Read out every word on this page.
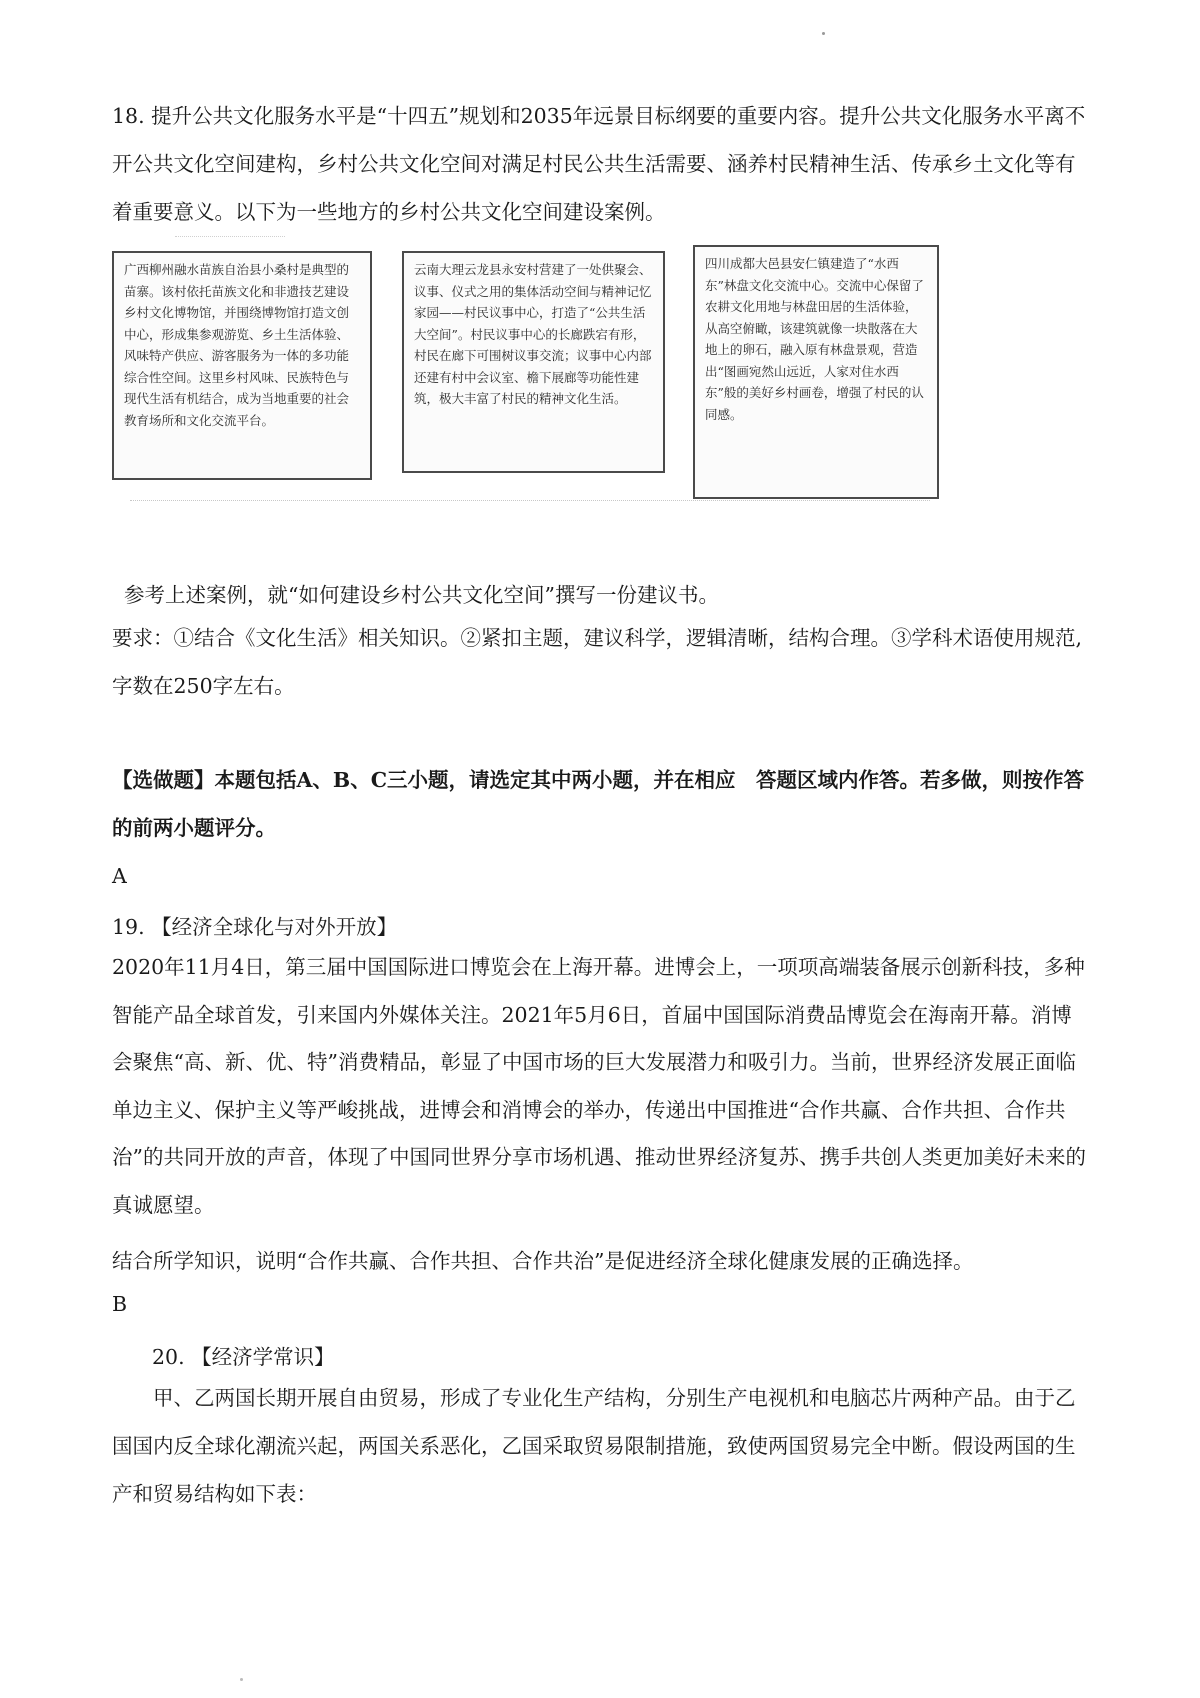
18. 提升公共文化服务水平是“十四五”规划和2035年远景目标纲要的重要内容。提升公共文化服务水平离不开公共文化空间建构，乡村公共文化空间对满足村民公共生活需要、涵养村民精神生活、传承乡土文化等有着重要意义。以下为一些地方的乡村公共文化空间建设案例。
广西柳州融水苗族自治县小桑村是典型的苗寨。该村依托苗族文化和非遗技艺建设乡村文化博物馆，并围绕博物馆打造文创中心，形成集参观游览、乡土生活体验、风味特产供应、游客服务为一体的多功能综合性空间。这里乡村风味、民族特色与现代生活有机结合，成为当地重要的社会教育场所和文化交流平台。
云南大理云龙县永安村营建了一处供聚会、议事、仪式之用的集体活动空间与精神记忆家园——村民议事中心，打造了“公共生活大空间”。村民议事中心的长廊跌宕有形，村民在廊下可围树议事交流；议事中心内部还建有村中会议室、檐下展廊等功能性建筑，极大丰富了村民的精神文化生活。
四川成都大邑县安仁镇建造了“水西东”林盘文化交流中心。交流中心保留了农耕文化用地与林盘田居的生活体验，从高空俯瞰，该建筑就像一块散落在大地上的卵石，融入原有林盘景观，营造出“图画宛然山远近，人家对住水西东”般的美好乡村画卷，增强了村民的认同感。
参考上述案例，就“如何建设乡村公共文化空间”撰写一份建议书。
要求：①结合《文化生活》相关知识。②紧扣主题，建议科学，逻辑清晰，结构合理。③学科术语使用规范,字数在250字左右。
【选做题】本题包括A、B、C三小题，请选定其中两小题，并在相应　答题区域内作答。若多做，则按作答的前两小题评分。
A
19. 【经济全球化与对外开放】
2020年11月4日，第三届中国国际进口博览会在上海开幕。进博会上，一项项高端装备展示创新科技，多种智能产品全球首发，引来国内外媒体关注。2021年5月6日，首届中国国际消费品博览会在海南开幕。消博会聚焦“高、新、优、特”消费精品，彰显了中国市场的巨大发展潜力和吸引力。当前，世界经济发展正面临单边主义、保护主义等严峻挑战，进博会和消博会的举办，传递出中国推进“合作共赢、合作共担、合作共治”的共同开放的声音，体现了中国同世界分享市场机遇、推动世界经济复苏、携手共创人类更加美好未来的真诚愿望。
结合所学知识，说明“合作共赢、合作共担、合作共治”是促进经济全球化健康发展的正确选择。
B
20. 【经济学常识】
甲、乙两国长期开展自由贸易，形成了专业化生产结构，分别生产电视机和电脑芯片两种产品。由于乙国国内反全球化潮流兴起，两国关系恶化，乙国采取贸易限制措施，致使两国贸易完全中断。假设两国的生产和贸易结构如下表：
